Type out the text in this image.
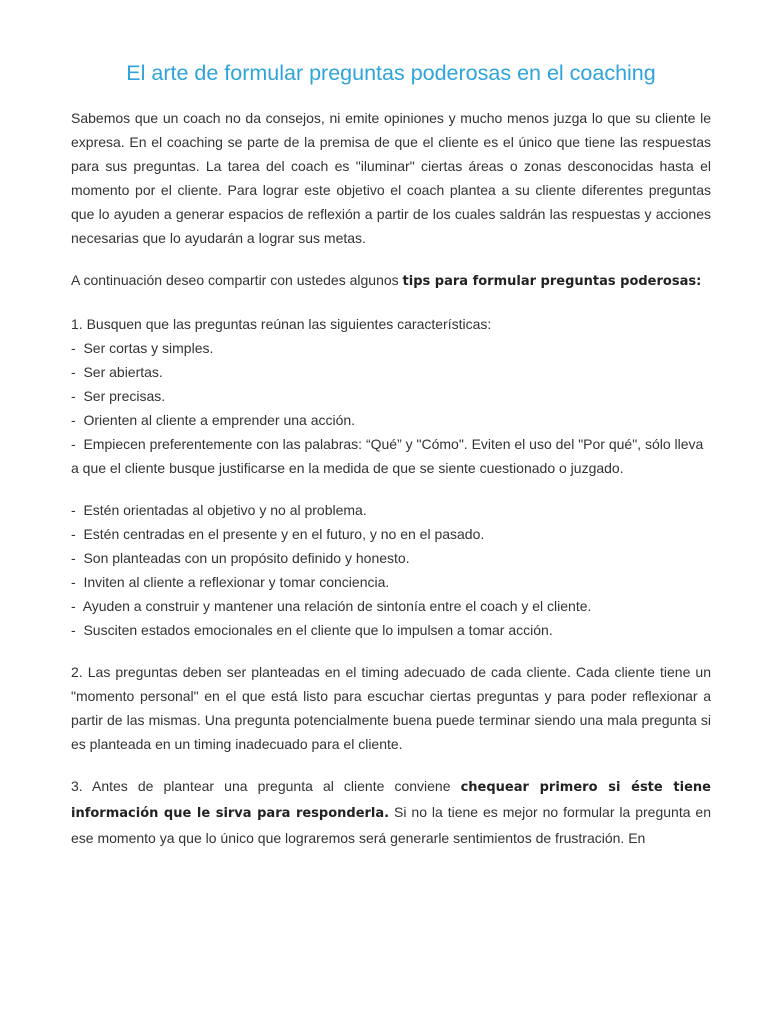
El arte de formular preguntas poderosas en el coaching

Sabemos que un coach no da consejos, ni emite opiniones y mucho menos juzga lo que su cliente le expresa. En el coaching se parte de la premisa de que el cliente es el único que tiene las respuestas para sus preguntas. La tarea del coach es "iluminar" ciertas áreas o zonas desconocidas hasta el momento por el cliente. Para lograr este objetivo el coach plantea a su cliente diferentes preguntas que lo ayuden a generar espacios de reflexión a partir de los cuales saldrán las respuestas y acciones necesarias que lo ayudarán a lograr sus metas.

A continuación deseo compartir con ustedes algunos tips para formular preguntas poderosas:

1. Busquen que las preguntas reúnan las siguientes características:

- Ser cortas y simples.
- Ser abiertas.
- Ser precisas.
- Orienten al cliente a emprender una acción.
- Empiecen preferentemente con las palabras: “Qué” y "Cómo". Eviten el uso del "Por qué", sólo lleva a que el cliente busque justificarse en la medida de que se siente cuestionado o juzgado.
- Estén orientadas al objetivo y no al problema.
- Estén centradas en el presente y en el futuro, y no en el pasado.
- Son planteadas con un propósito definido y honesto.
- Inviten al cliente a reflexionar y tomar conciencia.
- Ayuden a construir y mantener una relación de sintonía entre el coach y el cliente.
- Susciten estados emocionales en el cliente que lo impulsen a tomar acción.

2. Las preguntas deben ser planteadas en el timing adecuado de cada cliente. Cada cliente tiene un "momento personal" en el que está listo para escuchar ciertas preguntas y para poder reflexionar a partir de las mismas. Una pregunta potencialmente buena puede terminar siendo una mala pregunta si es planteada en un timing inadecuado para el cliente.

3. Antes de plantear una pregunta al cliente conviene chequear primero si éste tiene información que le sirva para responderla. Si no la tiene es mejor no formular la pregunta en ese momento ya que lo único que lograremos será generarle sentimientos de frustración. En
